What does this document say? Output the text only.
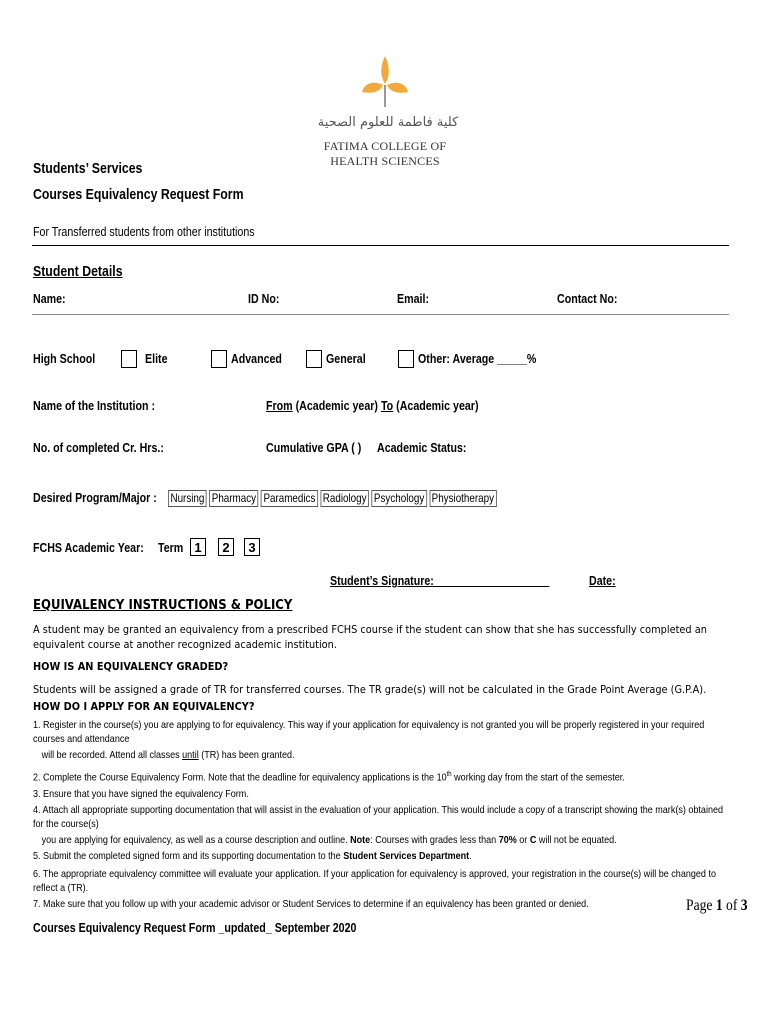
كلية فاطمة للعلوم الصحية
FATIMA COLLEGE OF HEALTH SCIENCES
Students’ Services
Courses Equivalency Request Form
For Transferred students from other institutions
Student Details
Name:	ID No:	Email:	Contact No:
High School	Elite	Advanced	General	Other: Average _____%
Name of the Institution :	From (Academic year) To (Academic year)
No. of completed Cr. Hrs.:	Cumulative GPA ( )	Academic Status:
Desired Program/Major :	Nursing Pharmacy Paramedics Radiology Psychology Physiotherapy
FCHS Academic Year:	Term 1 2 3
Student’s Signature: ___________________	Date:
EQUIVALENCY INSTRUCTIONS & POLICY
A student may be granted an equivalency from a prescribed FCHS course if the student can show that she has successfully completed an equivalent course at another recognized academic institution.
HOW IS AN EQUIVALENCY GRADED?
Students will be assigned a grade of TR for transferred courses. The TR grade(s) will not be calculated in the Grade Point Average (G.P.A).
HOW DO I APPLY FOR AN EQUIVALENCY?
1. Register in the course(s) you are applying to for equivalency. This way if your application for equivalency is not granted you will be properly registered in your required courses and attendance
will be recorded. Attend all classes until (TR) has been granted.
2. Complete the Course Equivalency Form. Note that the deadline for equivalency applications is the 10th working day from the start of the semester.
3. Ensure that you have signed the equivalency Form.
4. Attach all appropriate supporting documentation that will assist in the evaluation of your application. This would include a copy of a transcript showing the mark(s) obtained for the course(s)
you are applying for equivalency, as well as a course description and outline. Note: Courses with grades less than 70% or C will not be equated.
5. Submit the completed signed form and its supporting documentation to the Student Services Department.
6. The appropriate equivalency committee will evaluate your application. If your application for equivalency is approved, your registration in the course(s) will be changed to reflect a (TR).
7. Make sure that you follow up with your academic advisor or Student Services to determine if an equivalency has been granted or denied.	Page 1 of 3
Courses Equivalency Request Form _updated_ September 2020
